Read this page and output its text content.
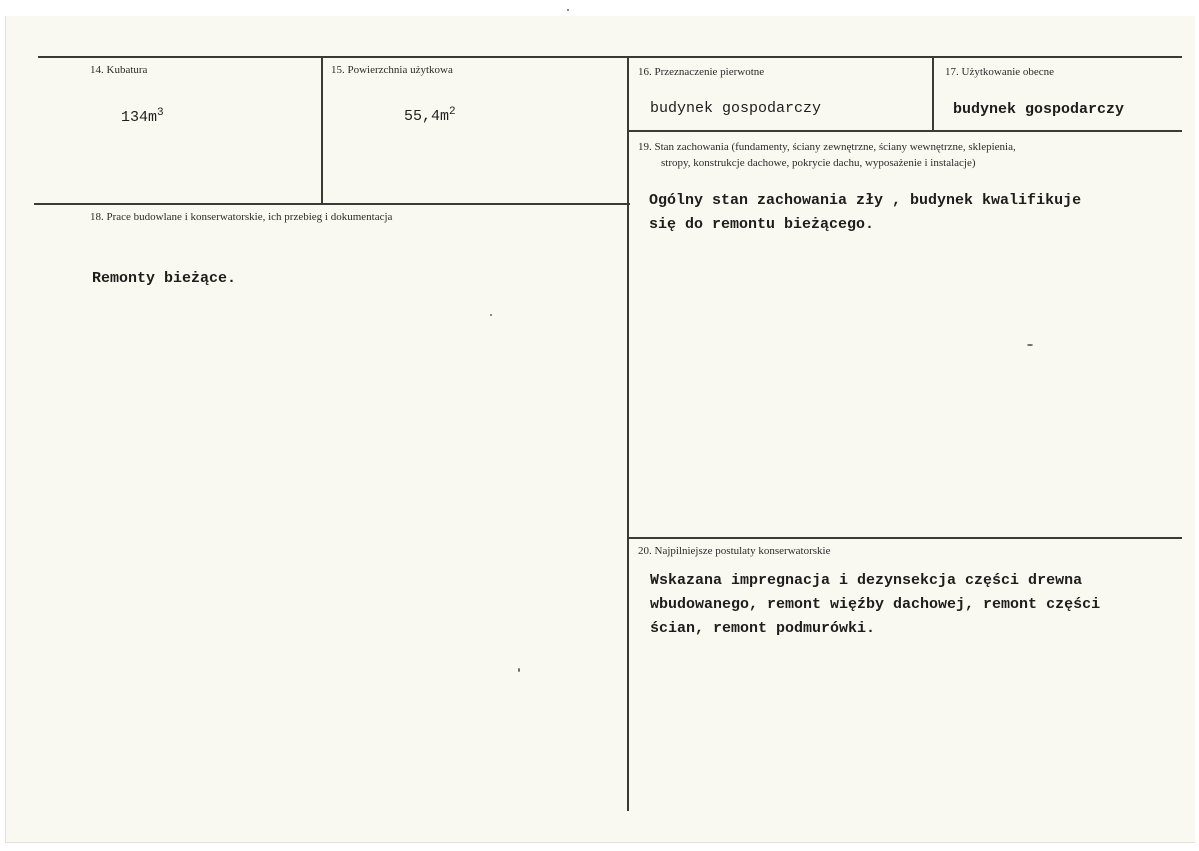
14. Kubatura
$134m^3$
15. Powierzchnia użytkowa
$55,4m^2$
16. Przeznaczenie pierwotne
budynek gospodarczy
17. Użytkowanie obecne
budynek gospodarczy
18. Prace budowlane i konserwatorskie, ich przebieg i dokumentacja
Remonty bieżące.
19. Stan zachowania (fundamenty, ściany zewnętrzne, ściany wewnętrzne, sklepienia,
stropy, konstrukcje dachowe, pokrycie dachu, wyposażenie i instalacje)
Ogólny stan zachowania zły , budynek kwalifikuje
się do remontu bieżącego.
20. Najpilniejsze postulaty konserwatorskie
Wskazana impregnacja i dezynsekcja części drewna
wbudowanego, remont więźby dachowej, remont części
ścian, remont podmurówki.
